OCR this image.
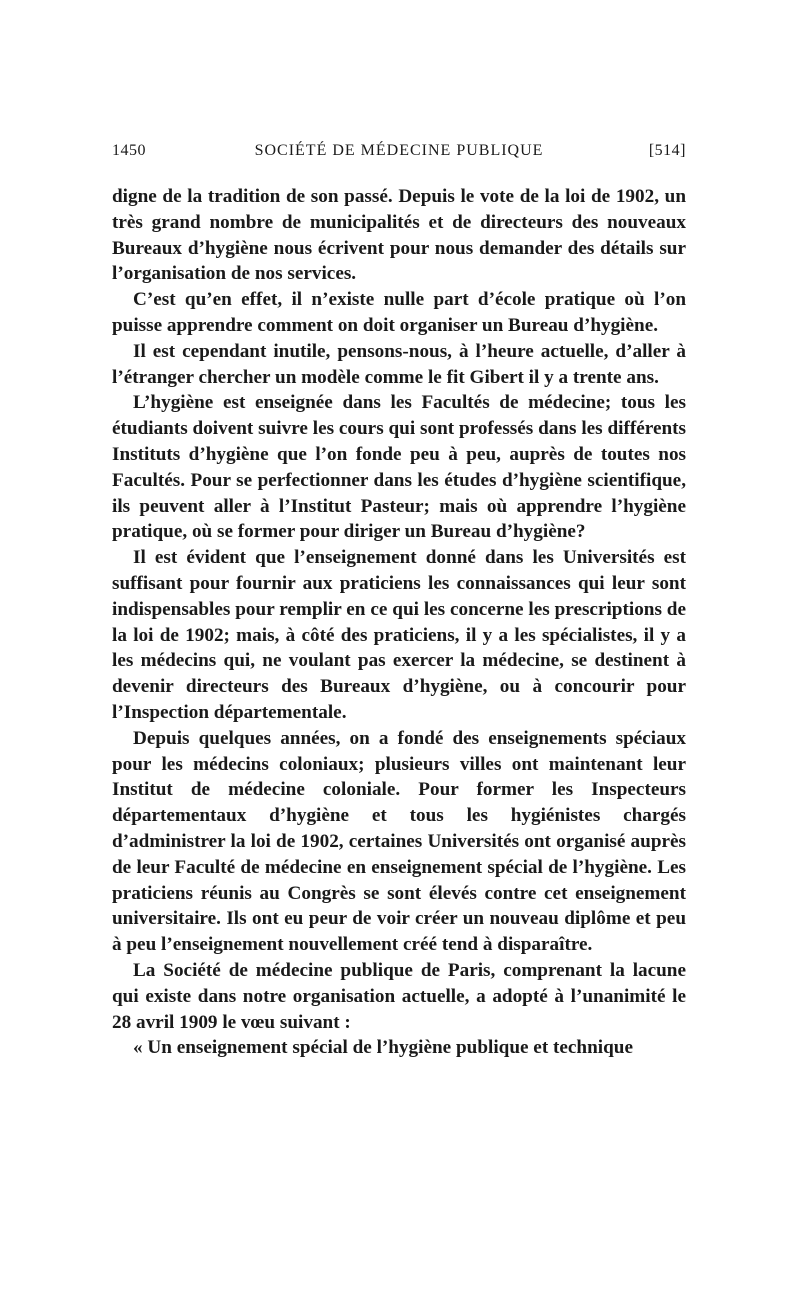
1450	SOCIÉTÉ DE MÉDECINE PUBLIQUE	[514]

digne de la tradition de son passé. Depuis le vote de la loi de 1902, un très grand nombre de municipalités et de directeurs des nouveaux Bureaux d’hygiène nous écrivent pour nous demander des détails sur l’organisation de nos services.

C’est qu’en effet, il n’existe nulle part d’école pratique où l’on puisse apprendre comment on doit organiser un Bureau d’hygiène.

Il est cependant inutile, pensons-nous, à l’heure actuelle, d’aller à l’étranger chercher un modèle comme le fit Gibert il y a trente ans.

L’hygiène est enseignée dans les Facultés de médecine; tous les étudiants doivent suivre les cours qui sont professés dans les différents Instituts d’hygiène que l’on fonde peu à peu, auprès de toutes nos Facultés. Pour se perfectionner dans les études d’hygiène scientifique, ils peuvent aller à l’Institut Pasteur; mais où apprendre l’hygiène pratique, où se former pour diriger un Bureau d’hygiène?

Il est évident que l’enseignement donné dans les Universités est suffisant pour fournir aux praticiens les connaissances qui leur sont indispensables pour remplir en ce qui les concerne les prescriptions de la loi de 1902; mais, à côté des praticiens, il y a les spécialistes, il y a les médecins qui, ne voulant pas exercer la médecine, se destinent à devenir directeurs des Bureaux d’hygiène, ou à concourir pour l’Inspection départementale.

Depuis quelques années, on a fondé des enseignements spéciaux pour les médecins coloniaux; plusieurs villes ont maintenant leur Institut de médecine coloniale. Pour former les Inspecteurs départementaux d’hygiène et tous les hygiénistes chargés d’administrer la loi de 1902, certaines Universités ont organisé auprès de leur Faculté de médecine en enseignement spécial de l’hygiène. Les praticiens réunis au Congrès se sont élevés contre cet enseignement universitaire. Ils ont eu peur de voir créer un nouveau diplôme et peu à peu l’enseignement nouvellement créé tend à disparaître.

La Société de médecine publique de Paris, comprenant la lacune qui existe dans notre organisation actuelle, a adopté à l’unanimité le 28 avril 1909 le vœu suivant :

« Un enseignement spécial de l’hygiène publique et technique
